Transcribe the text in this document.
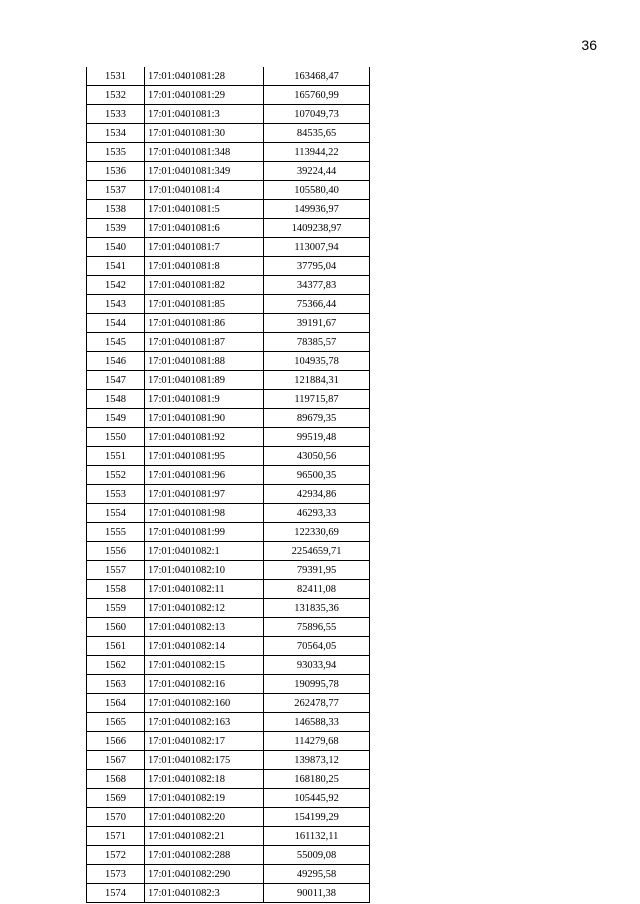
36
1531	17:01:0401081:28	163468,47
1532	17:01:0401081:29	165760,99
1533	17:01:0401081:3	107049,73
1534	17:01:0401081:30	84535,65
1535	17:01:0401081:348	113944,22
1536	17:01:0401081:349	39224,44
1537	17:01:0401081:4	105580,40
1538	17:01:0401081:5	149936,97
1539	17:01:0401081:6	1409238,97
1540	17:01:0401081:7	113007,94
1541	17:01:0401081:8	37795,04
1542	17:01:0401081:82	34377,83
1543	17:01:0401081:85	75366,44
1544	17:01:0401081:86	39191,67
1545	17:01:0401081:87	78385,57
1546	17:01:0401081:88	104935,78
1547	17:01:0401081:89	121884,31
1548	17:01:0401081:9	119715,87
1549	17:01:0401081:90	89679,35
1550	17:01:0401081:92	99519,48
1551	17:01:0401081:95	43050,56
1552	17:01:0401081:96	96500,35
1553	17:01:0401081:97	42934,86
1554	17:01:0401081:98	46293,33
1555	17:01:0401081:99	122330,69
1556	17:01:0401082:1	2254659,71
1557	17:01:0401082:10	79391,95
1558	17:01:0401082:11	82411,08
1559	17:01:0401082:12	131835,36
1560	17:01:0401082:13	75896,55
1561	17:01:0401082:14	70564,05
1562	17:01:0401082:15	93033,94
1563	17:01:0401082:16	190995,78
1564	17:01:0401082:160	262478,77
1565	17:01:0401082:163	146588,33
1566	17:01:0401082:17	114279,68
1567	17:01:0401082:175	139873,12
1568	17:01:0401082:18	168180,25
1569	17:01:0401082:19	105445,92
1570	17:01:0401082:20	154199,29
1571	17:01:0401082:21	161132,11
1572	17:01:0401082:288	55009,08
1573	17:01:0401082:290	49295,58
1574	17:01:0401082:3	90011,38
